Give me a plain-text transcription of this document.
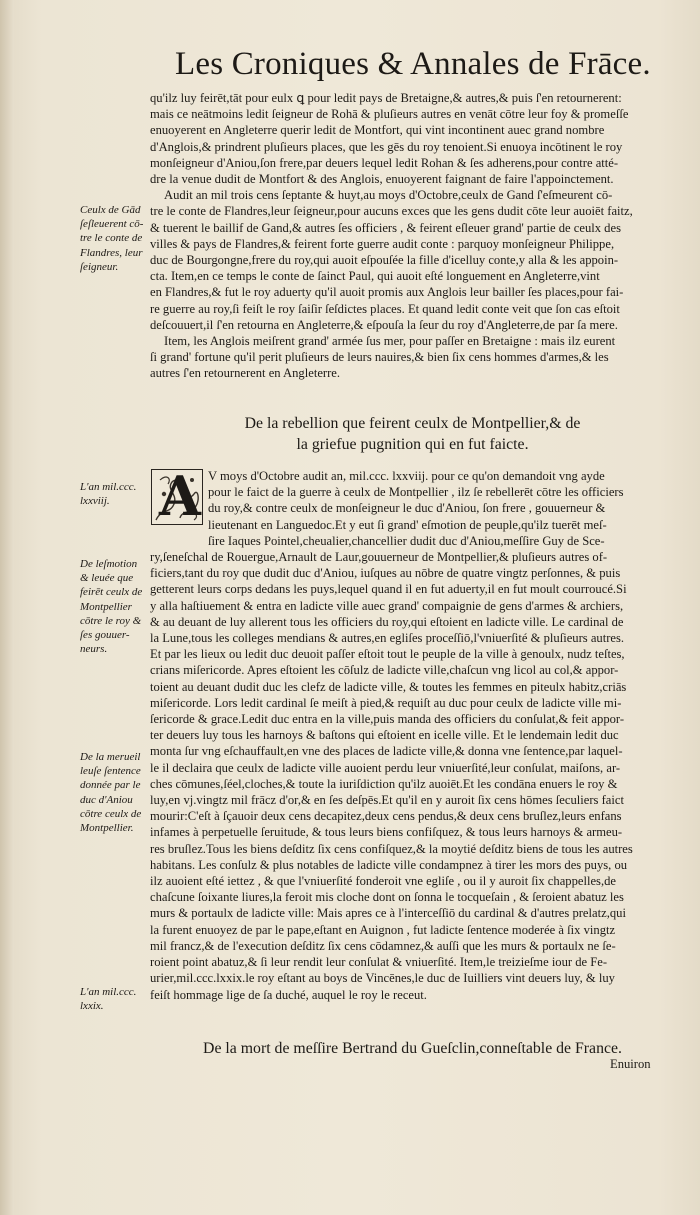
Les Croniques & Annales de Frāce.
qu'ilz luy feirēt,tāt pour eulx ꝗ pour ledit pays de Bretaigne,& autres,& puis ſ'en retournerent:
mais ce neātmoins ledit ſeigneur de Rohā & pluſieurs autres en venāt cōtre leur foy & promeſſe
enuoyerent en Angleterre querir ledit de Montfort, qui vint incontinent auec grand nombre
d'Anglois,& prindrent pluſieurs places, que les gēs du roy tenoient.Si enuoya incōtinent le roy
monſeigneur d'Aniou,ſon frere,par deuers lequel ledit Rohan & ſes adherens,pour contre atté-
dre la venue dudit de Montfort & des Anglois, enuoyerent faignant de faire l'appoinctement.
Audit an mil trois cens ſeptante & huyt,au moys d'Octobre,ceulx de Gand ſ'eſmeurent cō-
tre le conte de Flandres,leur ſeigneur,pour aucuns exces que les gens dudit cōte leur auoiēt faitz,
& tuerent le baillif de Gand,& autres ſes officiers , & feirent eſleuer grand' partie de ceulx des
villes & pays de Flandres,& feirent forte guerre audit conte : parquoy monſeigneur Philippe,
duc de Bourgongne,frere du roy,qui auoit eſpouſée la fille d'icelluy conte,y alla & les appoin-
cta. Item,en ce temps le conte de ſainct Paul, qui auoit eſté longuement en Angleterre,vint
en Flandres,& fut le roy aduerty qu'il auoit promis aux Anglois leur bailler ſes places,pour fai-
re guerre au roy,ſi feiſt le roy ſaiſir ſeſdictes places. Et quand ledit conte veit que ſon cas eſtoit
deſcouuert,il ſ'en retourna en Angleterre,& eſpouſa la ſeur du roy d'Angleterre,de par ſa mere.
Item, les Anglois meiſrent grand' armée ſus mer, pour paſſer en Bretaigne : mais ilz eurent
ſi grand' fortune qu'il perit pluſieurs de leurs nauires,& bien ſix cens hommes d'armes,& les
autres ſ'en retournerent en Angleterre.
De la rebellion que feirent ceulx de Montpellier,& de
la griefue pugnition qui en fut faicte.
A V moys d'Octobre audit an, mil.ccc. lxxviij. pour ce qu'on demandoit vng ayde
pour le faict de la guerre à ceulx de Montpellier , ilz ſe rebellerēt cōtre les officiers
du roy,& contre ceulx de monſeigneur le duc d'Aniou, ſon frere , gouuerneur &
lieutenant en Languedoc.Et y eut ſi grand' eſmotion de peuple,qu'ilz tuerēt meſ-
ſire Iaques Pointel,cheualier,chancellier dudit duc d'Aniou,meſſire Guy de Sce-
ry,ſeneſchal de Rouergue,Arnault de Laur,gouuerneur de Montpellier,& pluſieurs autres of-
ficiers,tant du roy que dudit duc d'Aniou, iuſques au nōbre de quatre vingtz perſonnes, & puis
getterent leurs corps dedans les puys,lequel quand il en fut aduerty,il en fut moult courroucé.Si
y alla haſtiuement & entra en ladicte ville auec grand' compaignie de gens d'armes & archiers,
& au deuant de luy allerent tous les officiers du roy,qui eſtoient en ladicte ville. Le cardinal de
la Lune,tous les colleges mendians & autres,en egliſes proceſſiō,l'vniuerſité & pluſieurs autres.
Et par les lieux ou ledit duc deuoit paſſer eſtoit tout le peuple de la ville à genoulx, nudz teſtes,
crians miſericorde. Apres eſtoient les cōſulz de ladicte ville,chaſcun vng licol au col,& appor-
toient au deuant dudit duc les clefz de ladicte ville, & toutes les femmes en piteulx habitz,criās
miſericorde. Lors ledit cardinal ſe meiſt à pied,& requiſt au duc pour ceulx de ladicte ville mi-
ſericorde & grace.Ledit duc entra en la ville,puis manda des officiers du conſulat,& feit appor-
ter deuers luy tous les harnoys & baſtons qui eſtoient en icelle ville. Et le lendemain ledit duc
monta ſur vng eſchauffault,en vne des places de ladicte ville,& donna vne ſentence,par laquel-
le il declaira que ceulx de ladicte ville auoient perdu leur vniuerſité,leur conſulat, maiſons, ar-
ches cōmunes,ſéel,cloches,& toute la iuriſdiction qu'ilz auoiēt.Et les condāna enuers le roy &
luy,en vj.vingtz mil frācz d'or,& en ſes deſpēs.Et qu'il en y auroit ſix cens hōmes ſeculiers faict
mourir:C'eſt à ſçauoir deux cens decapitez,deux cens pendus,& deux cens bruſlez,leurs enfans
infames à perpetuelle ſeruitude, & tous leurs biens confiſquez, & tous leurs harnoys & armeu-
res bruſlez.Tous les biens deſditz ſix cens confiſquez,& la moytié deſditz biens de tous les autres
habitans. Les conſulz & plus notables de ladicte ville condampnez à tirer les mors des puys, ou
ilz auoient eſté iettez , & que l'vniuerſité fonderoit vne egliſe , ou il y auroit ſix chappelles,de
chaſcune ſoixante liures,la feroit mis cloche dont on ſonna le tocqueſain , & ſeroient abatuz les
murs & portaulx de ladicte ville: Mais apres ce à l'interceſſiō du cardinal & d'autres prelatz,qui
la furent enuoyez de par le pape,eſtant en Auignon , fut ladicte ſentence moderée à ſix vingtz
mil francz,& de l'execution deſditz ſix cens cōdamnez,& auſſi que les murs & portaulx ne ſe-
roient point abatuz,& ſi leur rendit leur conſulat & vniuerſité. Item,le treizieſme iour de Fe-
urier,mil.ccc.lxxix.le roy eſtant au boys de Vincēnes,le duc de Iuilliers vint deuers luy, & luy
feiſt hommage lige de ſa duché, auquel le roy le receut.
De la mort de meſſire Bertrand du Gueſclin,conneſtable de France.
Enuiron
Ceulx de Gād
ſeſleuerent cō-
tre le conte de
Flandres, leur
ſeigneur.
L'an mil.ccc.
lxxviij.
De leſmotion
& leuée que
feirēt ceulx de
Montpellier
cōtre le roy &
ſes gouuer-
neurs.
De la merueil
leuſe ſentence
donnée par le
duc d'Aniou
cōtre ceulx de
Montpellier.
L'an mil.ccc.
lxxix.
